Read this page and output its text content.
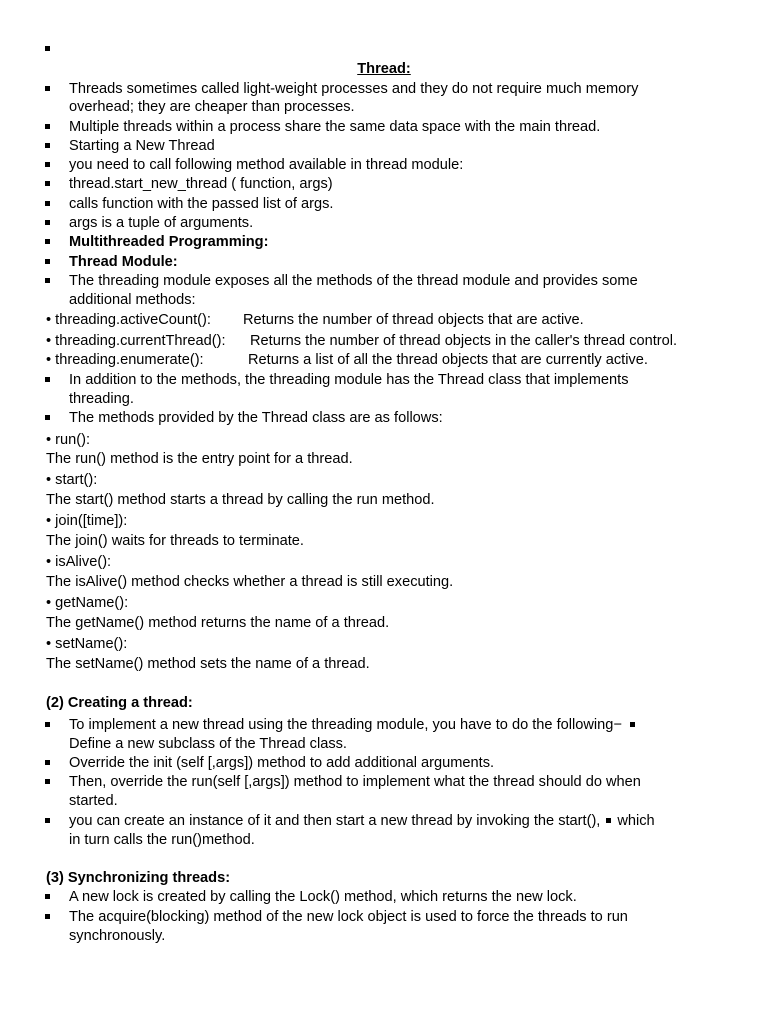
Thread:
Threads sometimes called light-weight processes and they do not require much memory
overhead; they are cheaper than processes.
Multiple threads within a process share the same data space with the main thread.
Starting a New Thread
you need to call following method available in thread module:
thread.start_new_thread ( function, args)
calls function with the passed list of args.
args is a tuple of arguments.
Multithreaded Programming:
Thread Module:
The threading module exposes all the methods of the thread module and provides some
additional methods:
• threading.activeCount(): Returns the number of thread objects that are active.
• threading.currentThread(): Returns the number of thread objects in the caller's thread control.
• threading.enumerate():	Returns a list of all the thread objects that are currently active.
In addition to the methods, the threading module has the Thread class that implements
threading.
The methods provided by the Thread class are as follows:
• run():
The run() method is the entry point for a thread.
• start():
The start() method starts a thread by calling the run method.
• join([time]):
The join() waits for threads to terminate.
• isAlive():
The isAlive() method checks whether a thread is still executing.
• getName():
The getName() method returns the name of a thread.
• setName():
The setName() method sets the name of a thread.
(2) Creating a thread:
To implement a new thread using the threading module, you have to do the following−
Define a new subclass of the Thread class.
Override the init (self [,args]) method to add additional arguments.
Then, override the run(self [,args]) method to implement what the thread should do when
started.
you can create an instance of it and then start a new thread by invoking the start(), which
in turn calls the run()method.
(3) Synchronizing threads:
A new lock is created by calling the Lock() method, which returns the new lock.
The acquire(blocking) method of the new lock object is used to force the threads to run
synchronously.
